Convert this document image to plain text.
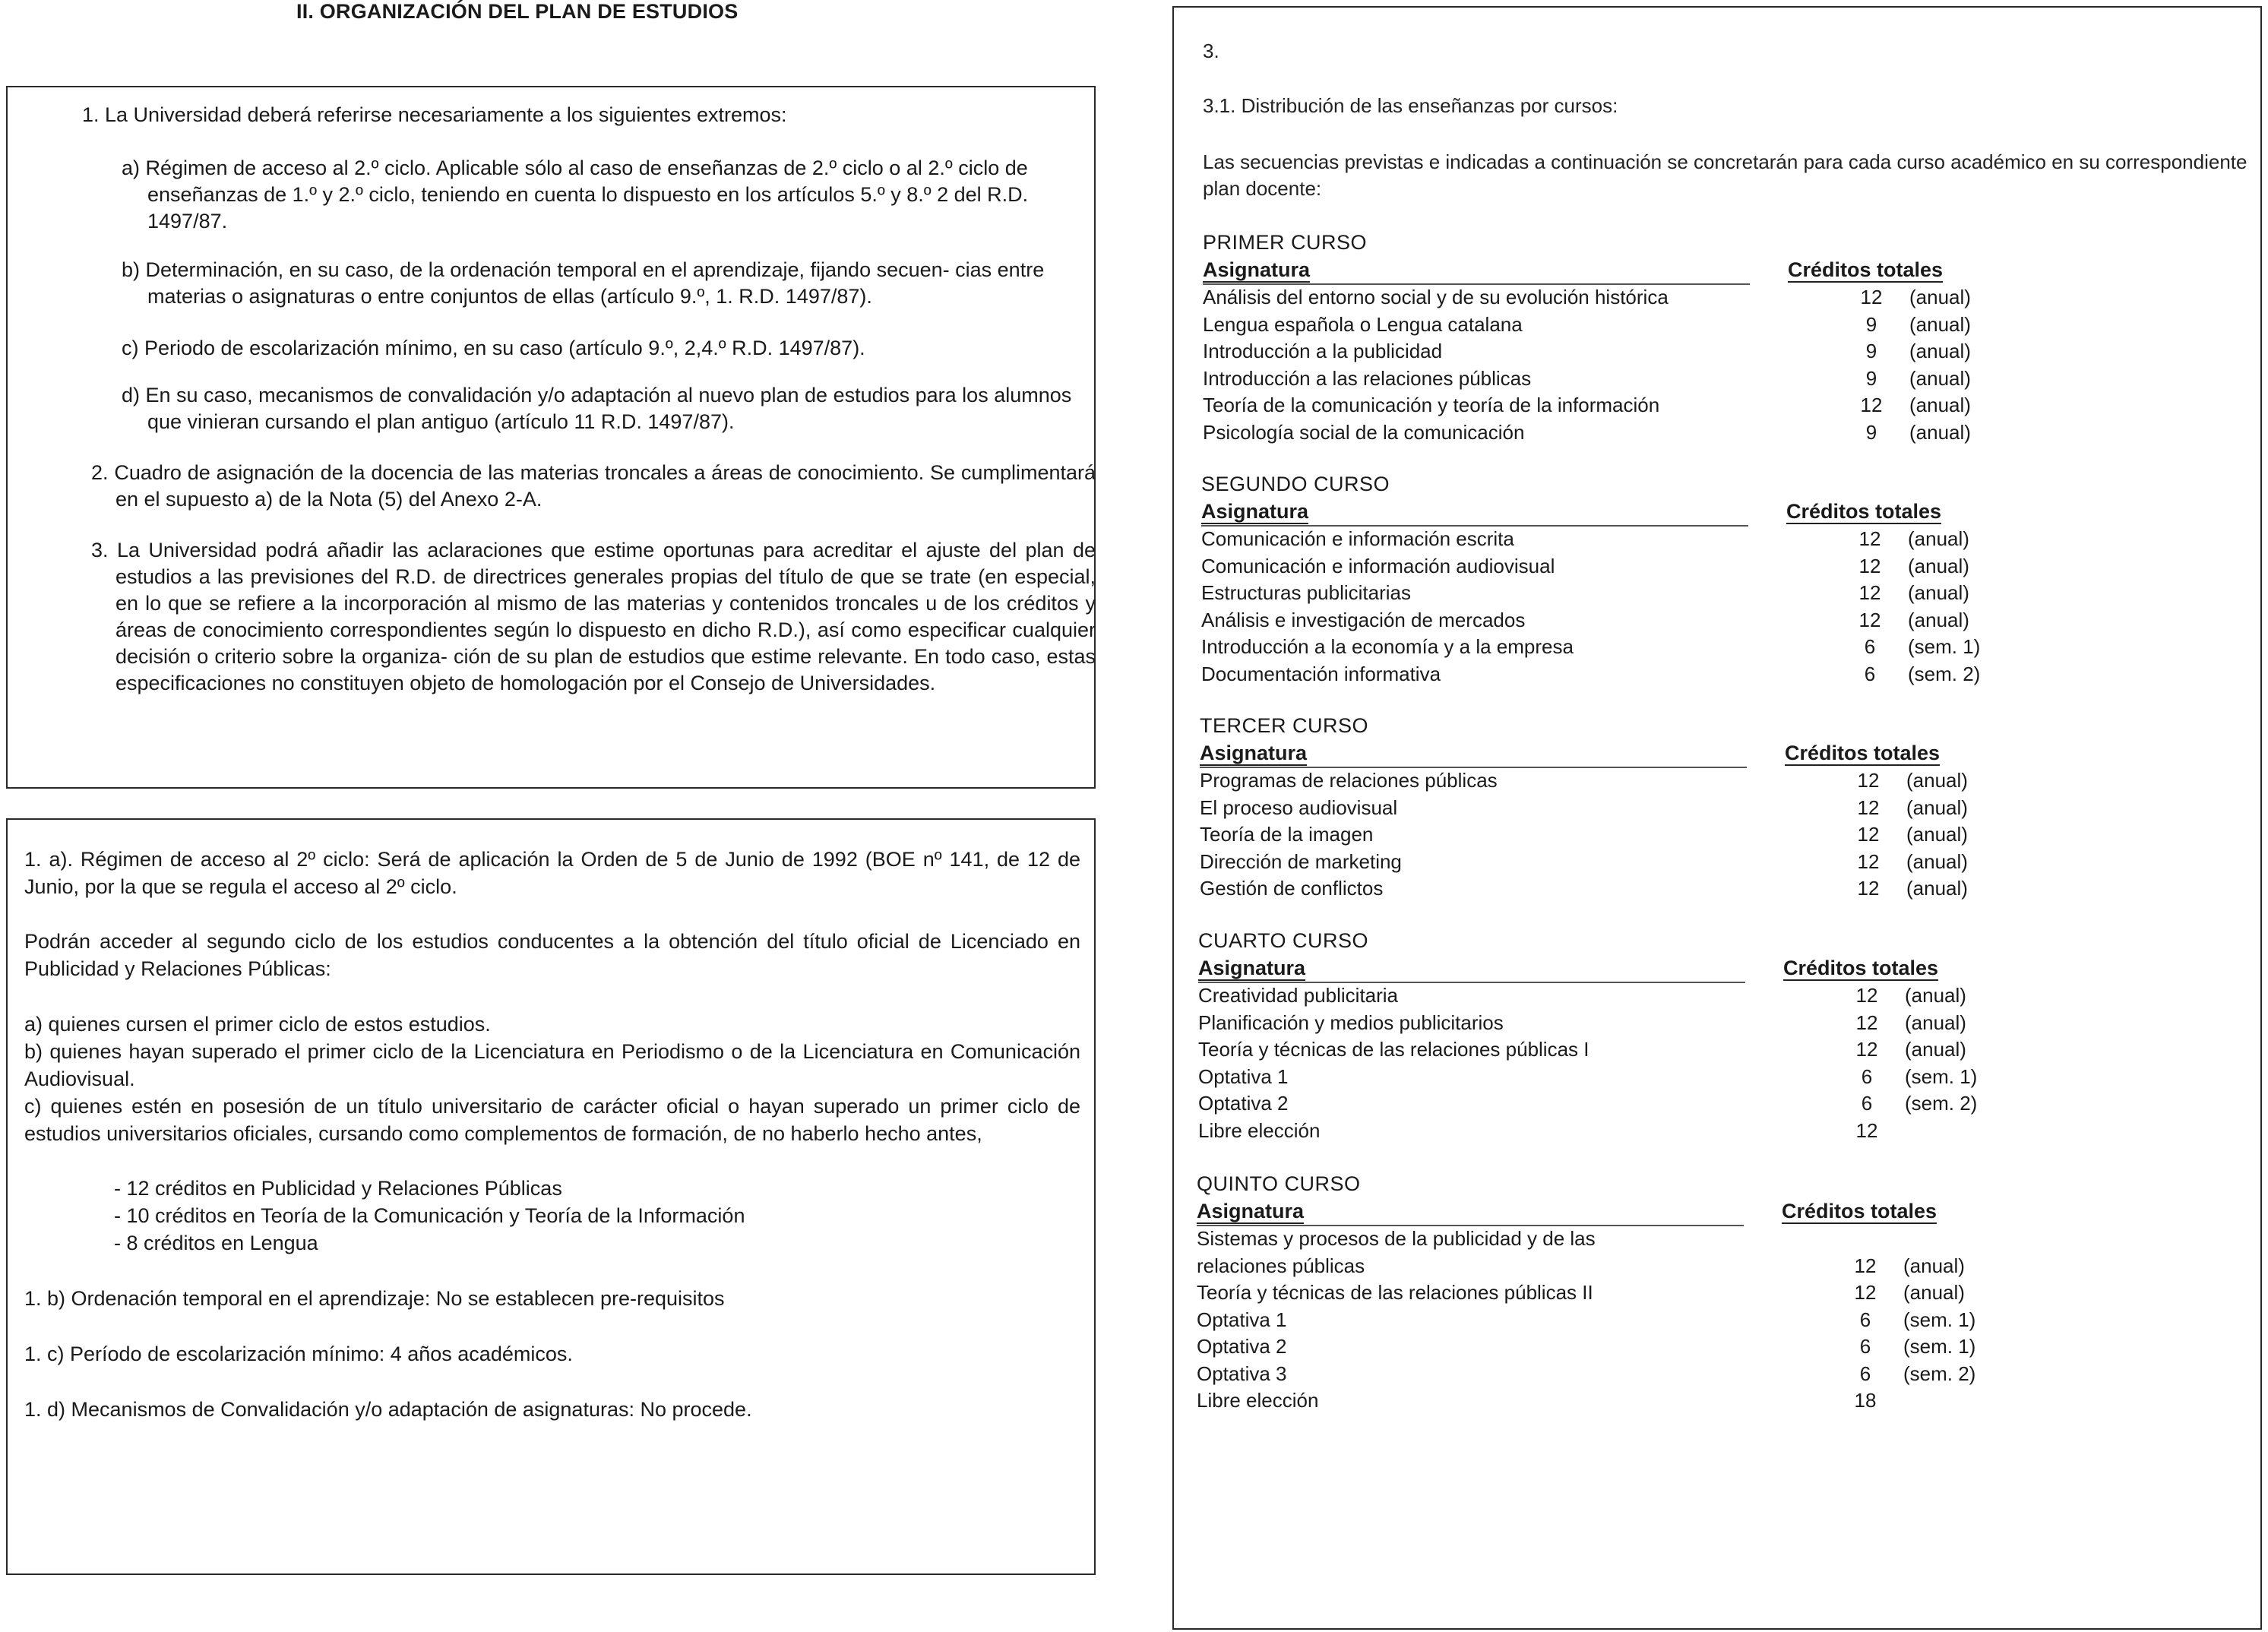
II. ORGANIZACIÓN DEL PLAN DE ESTUDIOS

1. La Universidad deberá referirse necesariamente a los siguientes extremos:

a) Régimen de acceso al 2.º ciclo. Aplicable sólo al caso de enseñanzas de 2.º ciclo o al 2.º ciclo de enseñanzas de 1.º y 2.º ciclo, teniendo en cuenta lo dispuesto en los artículos 5.º y 8.º 2 del R.D. 1497/87.

b) Determinación, en su caso, de la ordenación temporal en el aprendizaje, fijando secuen- cias entre materias o asignaturas o entre conjuntos de ellas (artículo 9.º, 1. R.D. 1497/87).

c) Periodo de escolarización mínimo, en su caso (artículo 9.º, 2,4.º R.D. 1497/87).

d) En su caso, mecanismos de convalidación y/o adaptación al nuevo plan de estudios para los alumnos que vinieran cursando el plan antiguo (artículo 11 R.D. 1497/87).

2. Cuadro de asignación de la docencia de las materias troncales a áreas de conocimiento. Se cumplimentará en el supuesto a) de la Nota (5) del Anexo 2-A.

3. La Universidad podrá añadir las aclaraciones que estime oportunas para acreditar el ajuste del plan de estudios a las previsiones del R.D. de directrices generales propias del título de que se trate (en especial, en lo que se refiere a la incorporación al mismo de las materias y contenidos troncales u de los créditos y áreas de conocimiento correspondientes según lo dispuesto en dicho R.D.), así como especificar cualquier decisión o criterio sobre la organiza- ción de su plan de estudios que estime relevante. En todo caso, estas especificaciones no constituyen objeto de homologación por el Consejo de Universidades.

1. a). Régimen de acceso al 2º ciclo: Será de aplicación la Orden de 5 de Junio de 1992 (BOE nº 141, de 12 de Junio, por la que se regula el acceso al 2º ciclo.

Podrán acceder al segundo ciclo de los estudios conducentes a la obtención del título oficial de Licenciado en Publicidad y Relaciones Públicas:

a) quienes cursen el primer ciclo de estos estudios.

b) quienes hayan superado el primer ciclo de la Licenciatura en Periodismo o de la Licenciatura en Comunicación Audiovisual.

c) quienes estén en posesión de un título universitario de carácter oficial o hayan superado un primer ciclo de estudios universitarios oficiales, cursando como complementos de formación, de no haberlo hecho antes,

- 12 créditos en Publicidad y Relaciones Públicas

- 10 créditos en Teoría de la Comunicación y Teoría de la Información

- 8 créditos en Lengua

1. b) Ordenación temporal en el aprendizaje: No se establecen pre-requisitos

1. c) Período de escolarización mínimo: 4 años académicos.

1. d) Mecanismos de Convalidación y/o adaptación de asignaturas: No procede.

3.
3.1. Distribución de las enseñanzas por cursos:
Las secuencias previstas e indicadas a continuación se concretarán para cada curso académico en su correspondiente plan docente:
PRIMER CURSO
Asignatura	Créditos totales
Análisis del entorno social y de su evolución histórica	12	(anual)
Lengua española o Lengua catalana	9	(anual)
Introducción a la publicidad	9	(anual)
Introducción a las relaciones públicas	9	(anual)
Teoría de la comunicación y teoría de la información	12	(anual)
Psicología social de la comunicación	9	(anual)
SEGUNDO CURSO
Asignatura	Créditos totales
Comunicación e información escrita	12	(anual)
Comunicación e información audiovisual	12	(anual)
Estructuras publicitarias	12	(anual)
Análisis e investigación de mercados	12	(anual)
Introducción a la economía y a la empresa	6	(sem. 1)
Documentación informativa	6	(sem. 2)
TERCER CURSO
Asignatura	Créditos totales
Programas de relaciones públicas	12	(anual)
El proceso audiovisual	12	(anual)
Teoría de la imagen	12	(anual)
Dirección de marketing	12	(anual)
Gestión de conflictos	12	(anual)
CUARTO CURSO
Asignatura	Créditos totales
Creatividad publicitaria	12	(anual)
Planificación y medios publicitarios	12	(anual)
Teoría y técnicas de las relaciones públicas I	12	(anual)
Optativa 1	6	(sem. 1)
Optativa 2	6	(sem. 2)
Libre elección	12
QUINTO CURSO
Asignatura	Créditos totales
Sistemas y procesos de la publicidad y de las
relaciones públicas	12	(anual)
Teoría y técnicas de las relaciones públicas II	12	(anual)
Optativa 1	6	(sem. 1)
Optativa 2	6	(sem. 1)
Optativa 3	6	(sem. 2)
Libre elección	18
